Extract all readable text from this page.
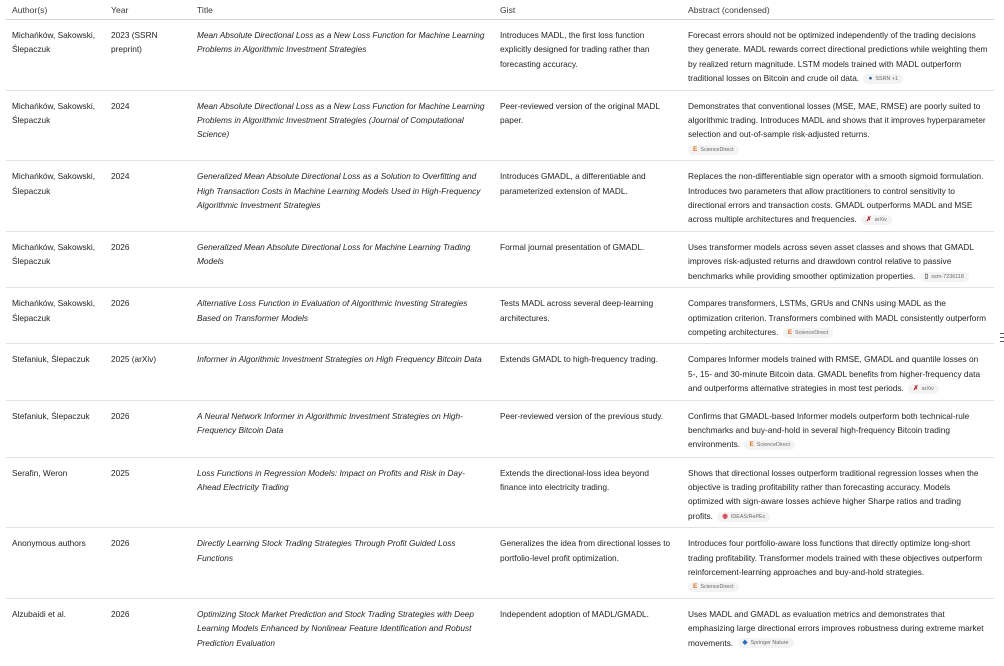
Author(s)	Year	Title	Gist	Abstract (condensed)
Michańków, Sakowski, Ślepaczuk	2023 (SSRN preprint)	Mean Absolute Directional Loss as a New Loss Function for Machine Learning Problems in Algorithmic Investment Strategies	Introduces MADL, the first loss function explicitly designed for trading rather than forecasting accuracy.	Forecast errors should not be optimized independently of the trading decisions they generate. MADL rewards correct directional predictions while weighting them by realized return magnitude. LSTM models trained with MADL outperform traditional losses on Bitcoin and crude oil data. ● SSRN +1

Michańków, Sakowski, Ślepaczuk	2024	Mean Absolute Directional Loss as a New Loss Function for Machine Learning Problems in Algorithmic Investment Strategies (Journal of Computational Science)	Peer-reviewed version of the original MADL paper.	Demonstrates that conventional losses (MSE, MAE, RMSE) are poorly suited to algorithmic trading. Introduces MADL and shows that it improves hyperparameter selection and out-of-sample risk-adjusted returns.

E ScienceDirect

Michańków, Sakowski, Ślepaczuk	2024	Generalized Mean Absolute Directional Loss as a Solution to Overfitting and High Transaction Costs in Machine Learning Models Used in High-Frequency Algorithmic Investment Strategies	Introduces GMADL, a differentiable and parameterized extension of MADL.	Replaces the non-differentiable sign operator with a smooth sigmoid formulation. Introduces two parameters that allow practitioners to control sensitivity to directional errors and transaction costs. GMADL outperforms MADL and MSE across multiple architectures and frequencies. ✗ arXiv

Michańków, Sakowski, Ślepaczuk	2026	Generalized Mean Absolute Directional Loss for Machine Learning Trading Models	Formal journal presentation of GMADL.	Uses transformer models across seven asset classes and shows that GMADL improves risk-adjusted returns and drawdown control relative to passive benchmarks while providing smoother optimization properties. ▯ ssrn-7236118

Michańków, Sakowski, Ślepaczuk	2026	Alternative Loss Function in Evaluation of Algorithmic Investing Strategies Based on Transformer Models	Tests MADL across several deep-learning architectures.	Compares transformers, LSTMs, GRUs and CNNs using MADL as the optimization criterion. Transformers combined with MADL consistently outperform competing architectures. E ScienceDirect

Stefaniuk, Ślepaczuk	2025 (arXiv)	Informer in Algorithmic Investment Strategies on High Frequency Bitcoin Data	Extends GMADL to high-frequency trading.	Compares Informer models trained with RMSE, GMADL and quantile losses on 5-, 15- and 30-minute Bitcoin data. GMADL benefits from higher-frequency data and outperforms alternative strategies in most test periods. ✗ arXiv

Stefaniuk, Ślepaczuk	2026	A Neural Network Informer in Algorithmic Investment Strategies on High-Frequency Bitcoin Data	Peer-reviewed version of the previous study.	Confirms that GMADL-based Informer models outperform both technical-rule benchmarks and buy-and-hold in several high-frequency Bitcoin trading environments. E ScienceDirect

Serafin, Weron	2025	Loss Functions in Regression Models: Impact on Profits and Risk in Day-Ahead Electricity Trading	Extends the directional-loss idea beyond finance into electricity trading.	Shows that directional losses outperform traditional regression losses when the objective is trading profitability rather than forecasting accuracy. Models optimized with sign-aware losses achieve higher Sharpe ratios and trading profits. ◉ IDEAS/RePEc

Anonymous authors	2026	Directly Learning Stock Trading Strategies Through Profit Guided Loss Functions	Generalizes the idea from directional losses to portfolio-level profit optimization.	Introduces four portfolio-aware loss functions that directly optimize long-short trading profitability. Transformer models trained with these objectives outperform reinforcement-learning approaches and buy-and-hold strategies.

E ScienceDirect

Alzubaidi et al.	2026	Optimizing Stock Market Prediction and Stock Trading Strategies with Deep Learning Models Enhanced by Nonlinear Feature Identification and Robust Prediction Evaluation	Independent adoption of MADL/GMADL.	Uses MADL and GMADL as evaluation metrics and demonstrates that emphasizing large directional errors improves robustness during extreme market movements. ◆ Springer Nature
